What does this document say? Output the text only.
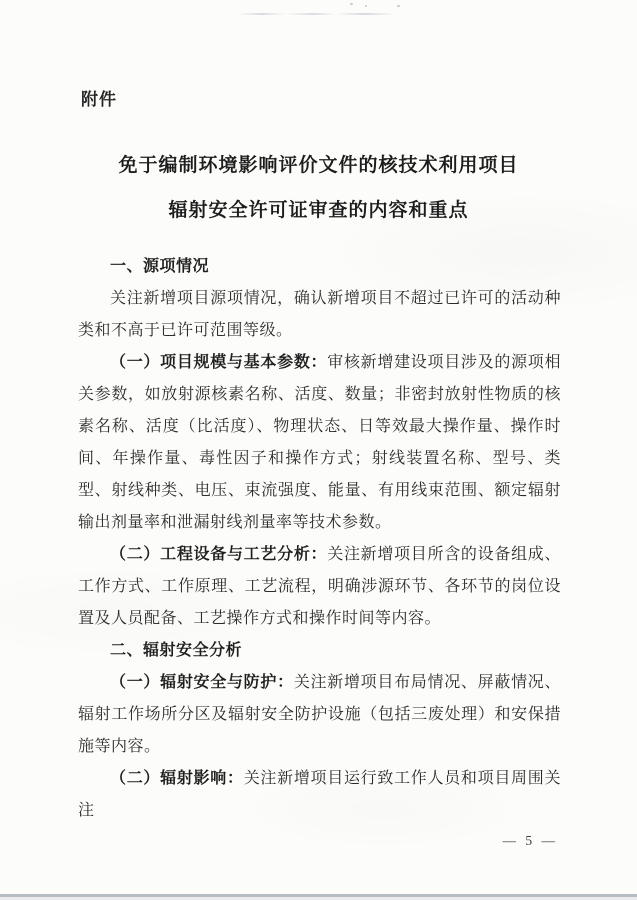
附件
免于编制环境影响评价文件的核技术利用项目
辐射安全许可证审查的内容和重点

一、源项情况

关注新增项目源项情况，确认新增项目不超过已许可的活动种类和不高于已许可范围等级。

（一）项目规模与基本参数：审核新增建设项目涉及的源项相关参数，如放射源核素名称、活度、数量；非密封放射性物质的核素名称、活度（比活度）、物理状态、日等效最大操作量、操作时间、年操作量、毒性因子和操作方式；射线装置名称、型号、类型、射线种类、电压、束流强度、能量、有用线束范围、额定辐射输出剂量率和泄漏射线剂量率等技术参数。

（二）工程设备与工艺分析：关注新增项目所含的设备组成、工作方式、工作原理、工艺流程，明确涉源环节、各环节的岗位设置及人员配备、工艺操作方式和操作时间等内容。

二、辐射安全分析

（一）辐射安全与防护：关注新增项目布局情况、屏蔽情况、辐射工作场所分区及辐射安全防护设施（包括三废处理）和安保措施等内容。

（二）辐射影响：关注新增项目运行致工作人员和项目周围关注

— 5 —
